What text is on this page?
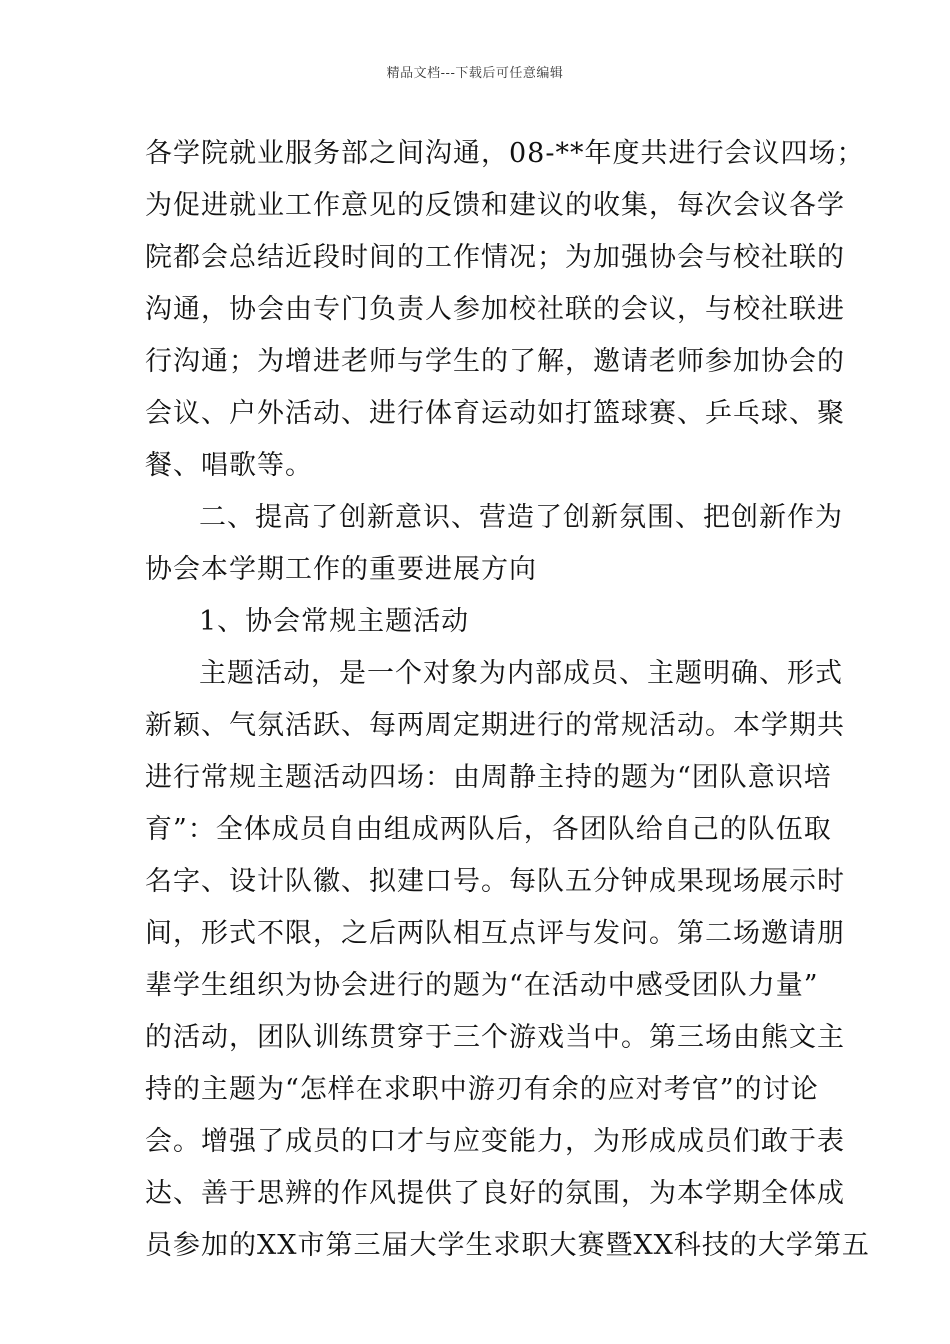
精品文档---下载后可任意编辑
各学院就业服务部之间沟通，08-**年度共进行会议四场；
为促进就业工作意见的反馈和建议的收集，每次会议各学
院都会总结近段时间的工作情况；为加强协会与校社联的
沟通，协会由专门负责人参加校社联的会议，与校社联进
行沟通；为增进老师与学生的了解，邀请老师参加协会的
会议、户外活动、进行体育运动如打篮球赛、乒乓球、聚
餐、唱歌等。
二、提高了创新意识、营造了创新氛围、把创新作为
协会本学期工作的重要进展方向
1、协会常规主题活动
主题活动，是一个对象为内部成员、主题明确、形式
新颖、气氛活跃、每两周定期进行的常规活动。本学期共
进行常规主题活动四场：由周静主持的题为“团队意识培
育”：全体成员自由组成两队后，各团队给自己的队伍取
名字、设计队徽、拟建口号。每队五分钟成果现场展示时
间，形式不限，之后两队相互点评与发问。第二场邀请朋
辈学生组织为协会进行的题为“在活动中感受团队力量”
的活动，团队训练贯穿于三个游戏当中。第三场由熊文主
持的主题为“怎样在求职中游刃有余的应对考官”的讨论
会。增强了成员的口才与应变能力，为形成成员们敢于表
达、善于思辨的作风提供了良好的氛围，为本学期全体成
员参加的XX市第三届大学生求职大赛暨XX科技的大学第五
